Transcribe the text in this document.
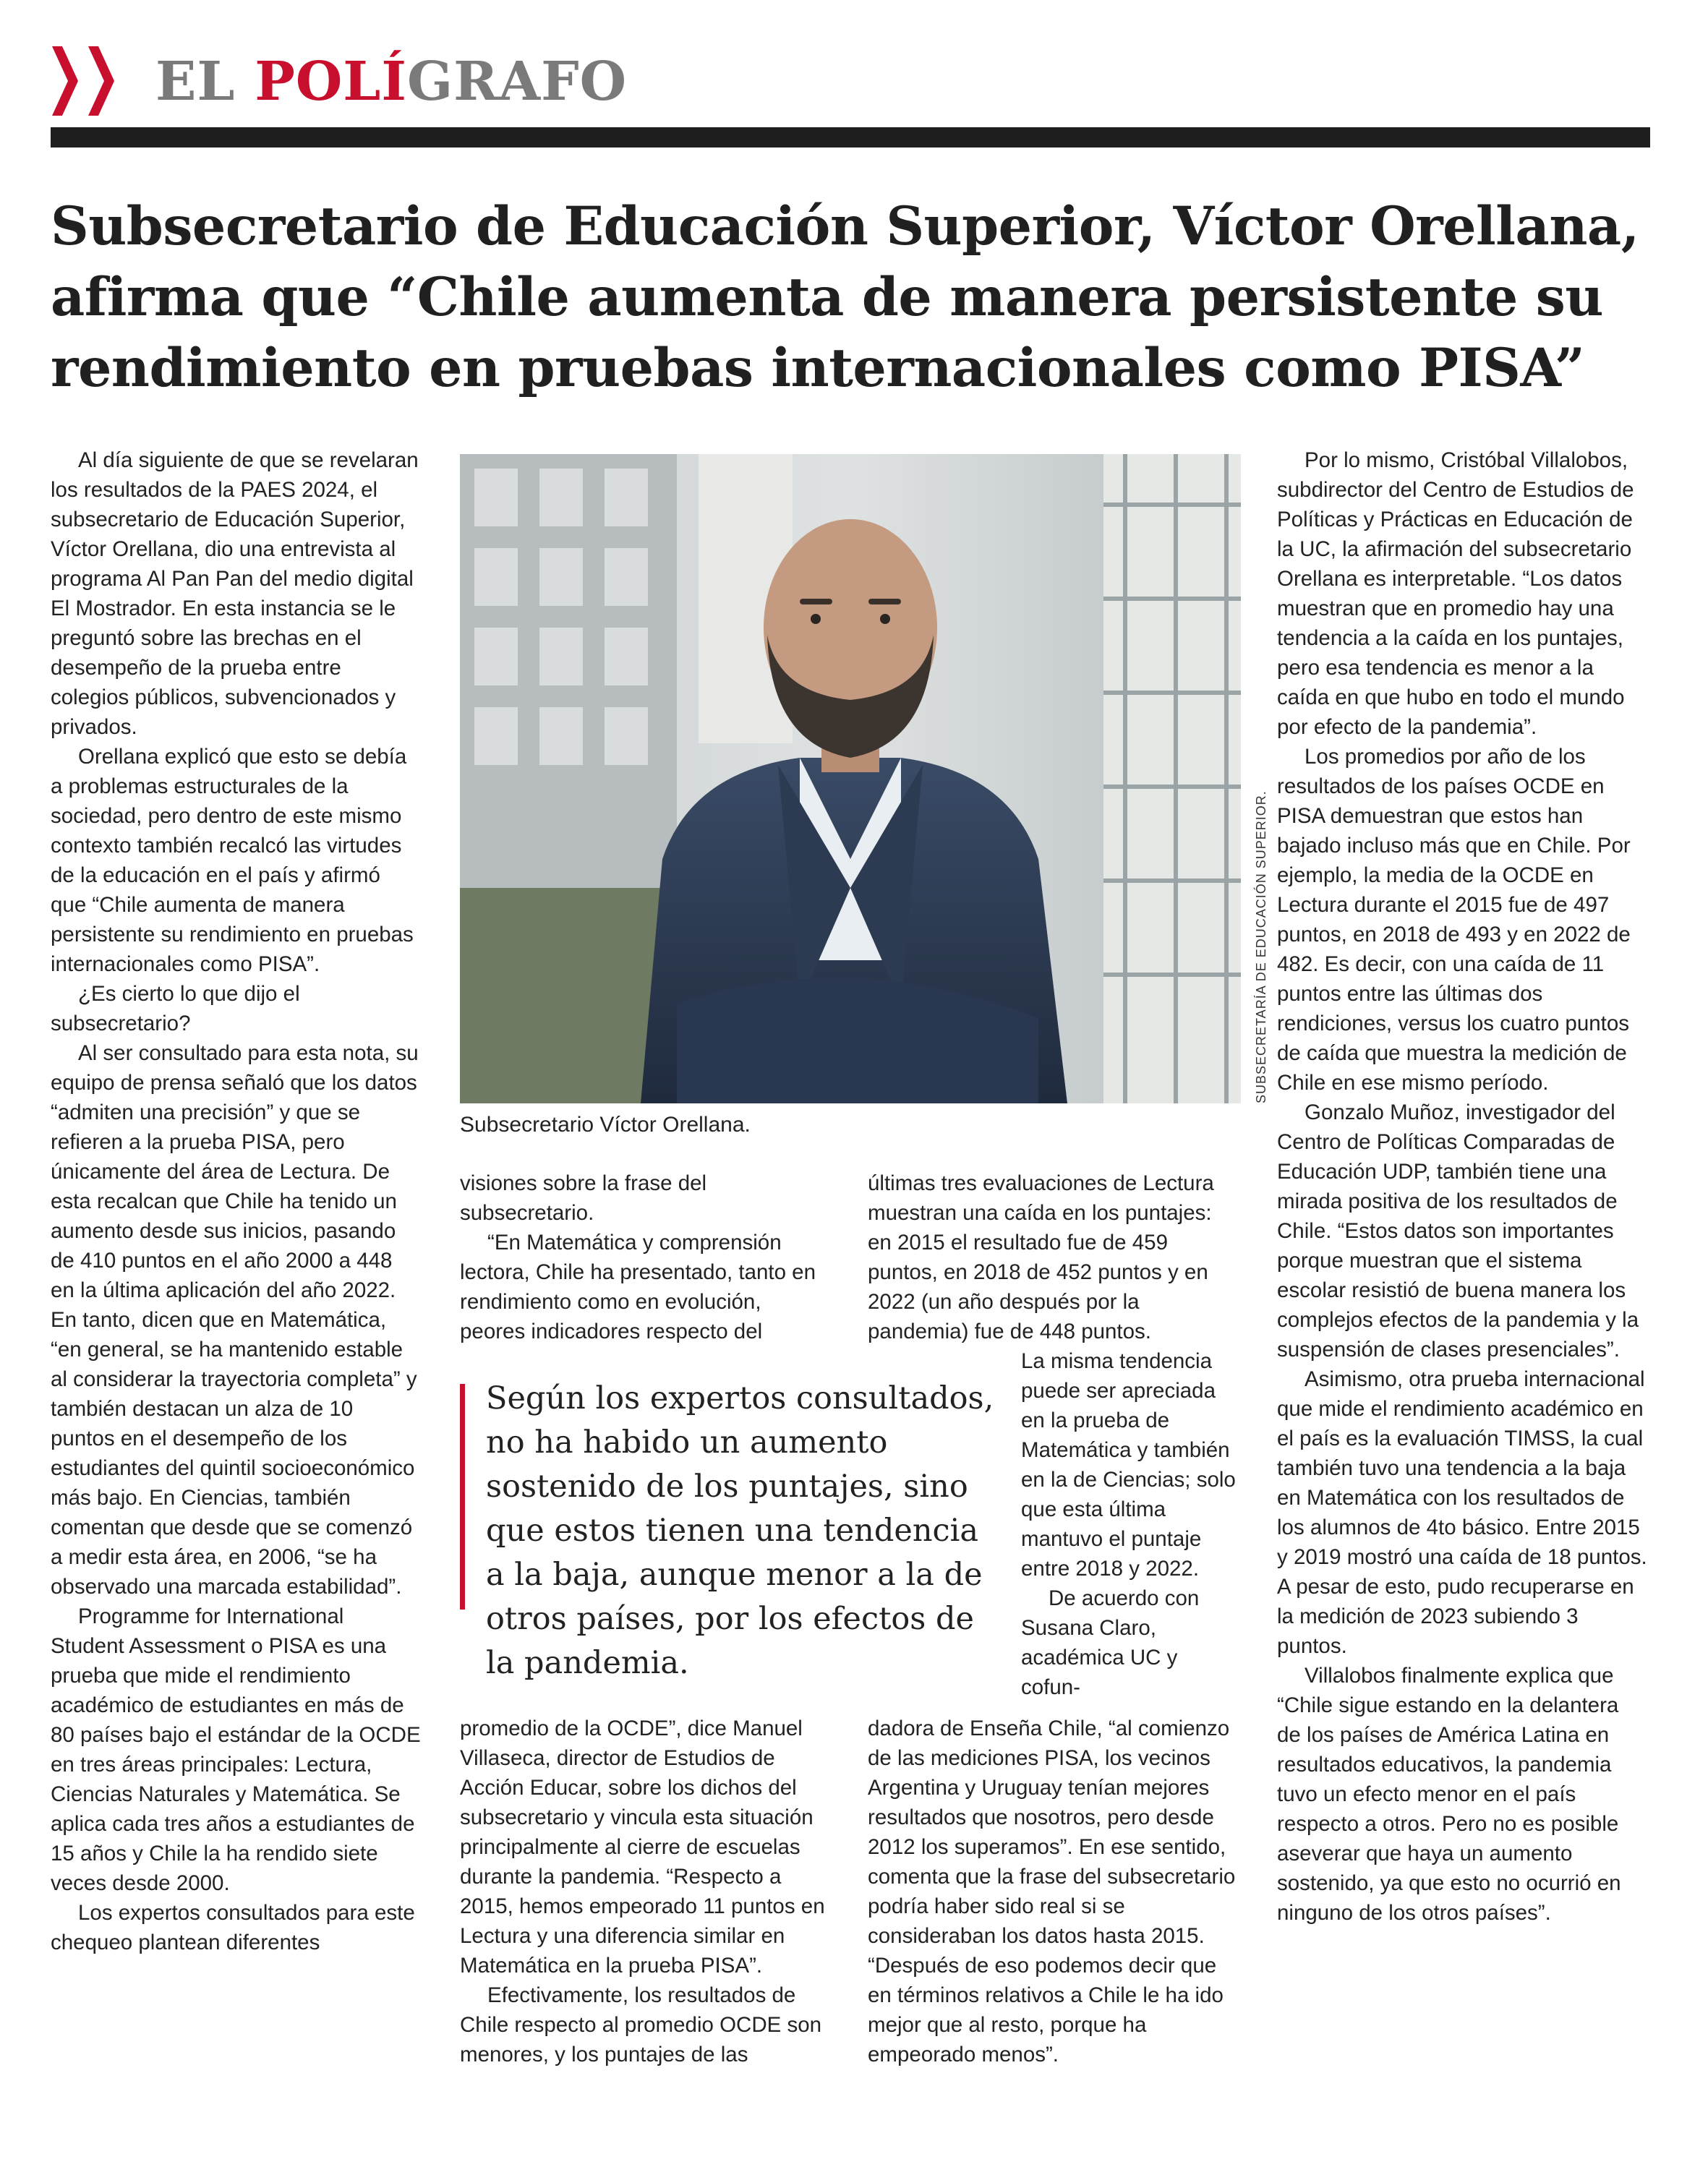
EL POLÍGRAFO
Subsecretario de Educación Superior, Víctor Orellana,
afirma que “Chile aumenta de manera persistente su
rendimiento en pruebas internacionales como PISA”

Al día siguiente de que se revelaran los resultados de la PAES 2024, el subsecretario de Educación Superior, Víctor Orellana, dio una entrevista al programa Al Pan Pan del medio digital El Mostrador. En esta instancia se le preguntó sobre las brechas en el desempeño de la prueba entre colegios públicos, subvencionados y privados.

Orellana explicó que esto se debía a problemas estructurales de la sociedad, pero dentro de este mismo contexto también recalcó las virtudes de la educación en el país y afirmó que “Chile aumenta de manera persistente su rendimiento en pruebas internacionales como PISA”.

¿Es cierto lo que dijo el subsecretario?

Al ser consultado para esta nota, su equipo de prensa señaló que los datos “admiten una precisión” y que se refieren a la prueba PISA, pero únicamente del área de Lectura. De esta recalcan que Chile ha tenido un aumento desde sus inicios, pasando de 410 puntos en el año 2000 a 448 en la última aplicación del año 2022. En tanto, dicen que en Matemática, “en general, se ha mantenido estable al considerar la trayectoria completa” y también destacan un alza de 10 puntos en el desempeño de los estudiantes del quintil socioeconómico más bajo. En Ciencias, también comentan que desde que se comenzó a medir esta área, en 2006, “se ha observado una marcada estabilidad”.

Programme for International Student Assessment o PISA es una prueba que mide el rendimiento académico de estudiantes en más de 80 países bajo el estándar de la OCDE en tres áreas principales: Lectura, Ciencias Naturales y Matemática. Se aplica cada tres años a estudiantes de 15 años y Chile la ha rendido siete veces desde 2000.

Los expertos consultados para este chequeo plantean diferentes

SUBSECRETARÍA DE EDUCACIÓN SUPERIOR.

Subsecretario Víctor Orellana.

visiones sobre la frase del subsecretario.

“En Matemática y comprensión lectora, Chile ha presentado, tanto en rendimiento como en evolución, peores indicadores respecto del

promedio de la OCDE”, dice Manuel Villaseca, director de Estudios de Acción Educar, sobre los dichos del subsecretario y vincula esta situación principalmente al cierre de escuelas durante la pandemia. “Respecto a 2015, hemos empeorado 11 puntos en Lectura y una diferencia similar en Matemática en la prueba PISA”.

Efectivamente, los resultados de Chile respecto al promedio OCDE son menores, y los puntajes de las

Según los expertos consultados,
no ha habido un aumento
sostenido de los puntajes, sino
que estos tienen una tendencia
a la baja, aunque menor a la de
otros países, por los efectos de
la pandemia.

últimas tres evaluaciones de Lectura muestran una caída en los puntajes: en 2015 el resultado fue de 459 puntos, en 2018 de 452 puntos y en 2022 (un año después por la pandemia) fue de 448 puntos.

La misma tendencia puede ser apreciada en la prueba de Matemática y también en la de Ciencias; solo que esta última mantuvo el puntaje entre 2018 y 2022.

De acuerdo con Susana Claro, académica UC y cofun-

dadora de Enseña Chile, “al comienzo de las mediciones PISA, los vecinos Argentina y Uruguay tenían mejores resultados que nosotros, pero desde 2012 los superamos”. En ese sentido, comenta que la frase del subsecretario podría haber sido real si se consideraban los datos hasta 2015. “Después de eso podemos decir que en términos relativos a Chile le ha ido mejor que al resto, porque ha empeorado menos”.

Por lo mismo, Cristóbal Villalobos, subdirector del Centro de Estudios de Políticas y Prácticas en Educación de la UC, la afirmación del subsecretario Orellana es interpretable. “Los datos muestran que en promedio hay una tendencia a la caída en los puntajes, pero esa tendencia es menor a la caída en que hubo en todo el mundo por efecto de la pandemia”.

Los promedios por año de los resultados de los países OCDE en PISA demuestran que estos han bajado incluso más que en Chile. Por ejemplo, la media de la OCDE en Lectura durante el 2015 fue de 497 puntos, en 2018 de 493 y en 2022 de 482. Es decir, con una caída de 11 puntos entre las últimas dos rendiciones, versus los cuatro puntos de caída que muestra la medición de Chile en ese mismo período.

Gonzalo Muñoz, investigador del Centro de Políticas Comparadas de Educación UDP, también tiene una mirada positiva de los resultados de Chile. “Estos datos son importantes porque muestran que el sistema escolar resistió de buena manera los complejos efectos de la pandemia y la suspensión de clases presenciales”.

Asimismo, otra prueba internacional que mide el rendimiento académico en el país es la evaluación TIMSS, la cual también tuvo una tendencia a la baja en Matemática con los resultados de los alumnos de 4to básico. Entre 2015 y 2019 mostró una caída de 18 puntos. A pesar de esto, pudo recuperarse en la medición de 2023 subiendo 3 puntos.

Villalobos finalmente explica que “Chile sigue estando en la delantera de los países de América Latina en resultados educativos, la pandemia tuvo un efecto menor en el país respecto a otros. Pero no es posible aseverar que haya un aumento sostenido, ya que esto no ocurrió en ninguno de los otros países”.
